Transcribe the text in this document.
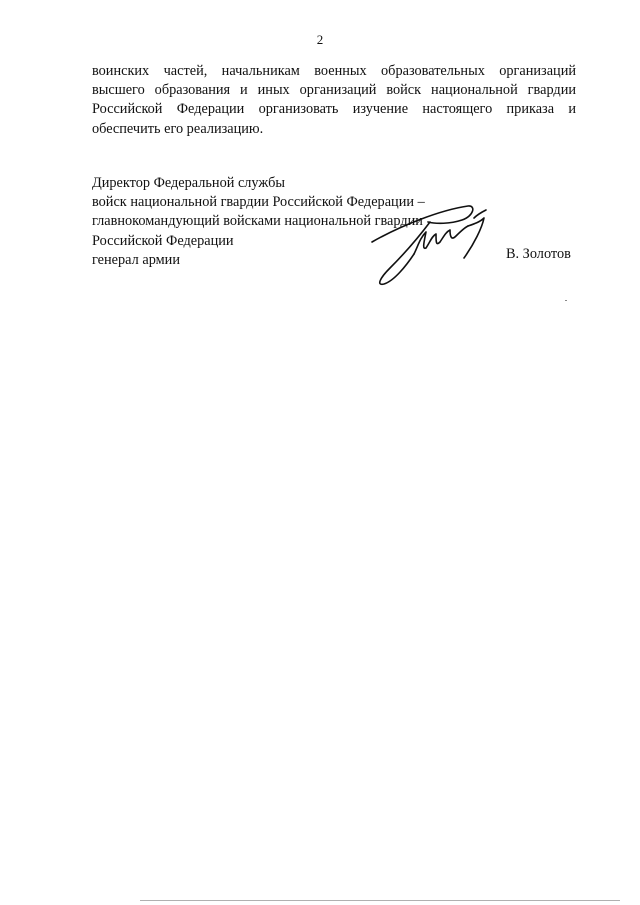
2

воинских частей, начальникам военных образовательных организаций высшего образования и иных организаций войск национальной гвардии Российской Федерации организовать изучение настоящего приказа и обеспечить его реализацию.

Директор Федеральной службы
войск национальной гвардии Российской Федерации –
главнокомандующий войсками национальной гвардии
Российской Федерации
генерал армии	В. Золотов
